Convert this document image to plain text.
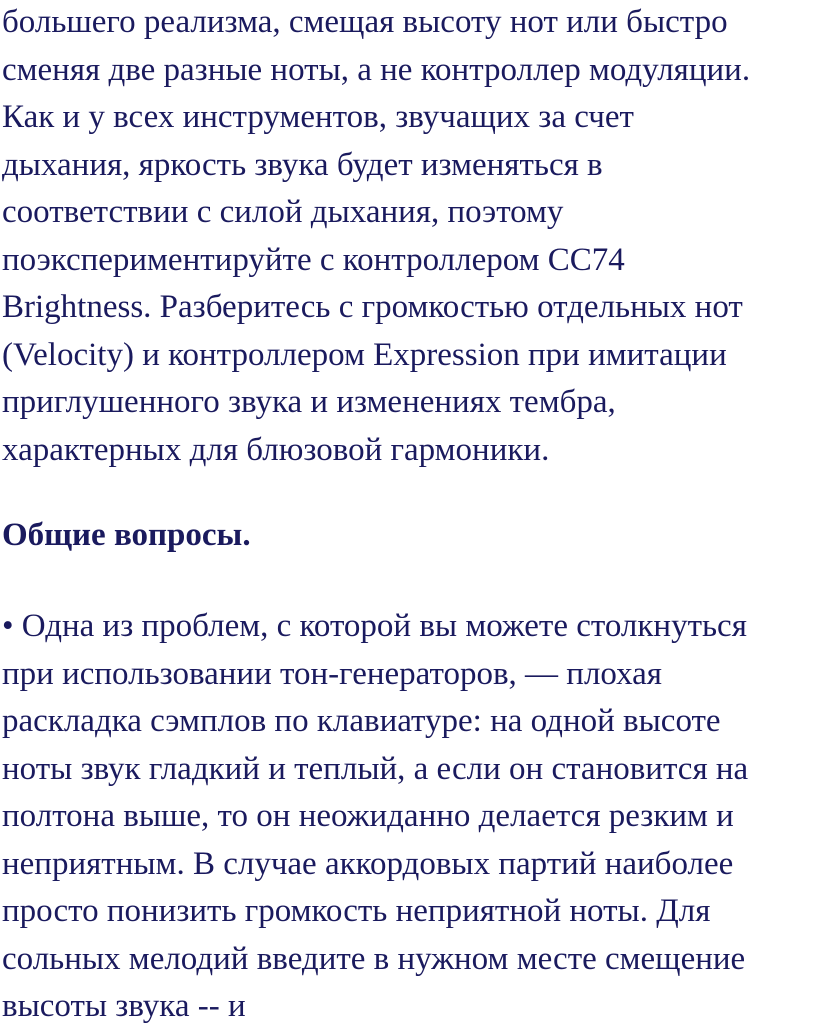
большего реализма, смещая высоту нот или быстро
сменяя две разные ноты, а не контроллер модуляции.
Как и у всех инструментов, звучащих за счет
дыхания, яркость звука будет изменяться в
соответствии с силой дыхания, поэтому
поэкспериментируйте с контроллером СС74
Brightness. Разберитесь с громкостью отдельных нот
(Velocity) и контроллером Expression при имитации
приглушенного звука и изменениях тембра,
характерных для блюзовой гармоники.
Общие вопросы.
• Одна из проблем, с которой вы можете столкнуться
при использовании тон-генераторов, — плохая
раскладка сэмплов по клавиатуре: на одной высоте
ноты звук гладкий и теплый, а если он становится на
полтона выше, то он неожиданно делается резким и
неприятным. В случае аккордовых партий наиболее
просто понизить громкость неприятной ноты. Для
сольных мелодий введите в нужном месте смещение
высоты звука -- и
